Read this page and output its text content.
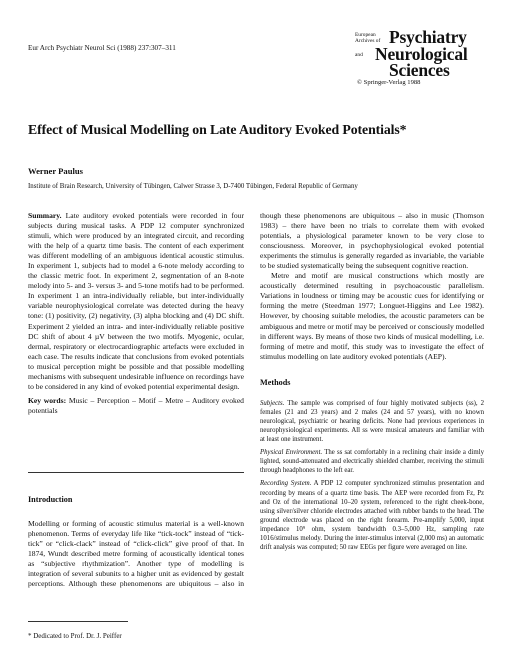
Eur Arch Psychiatr Neurol Sci (1988) 237:307–311
European
Archives of Psychiatry
and Neurological
Sciences
© Springer-Verlag 1988
Effect of Musical Modelling on Late Auditory Evoked Potentials*
Werner Paulus
Institute of Brain Research, University of Tübingen, Calwer Strasse 3, D-7400 Tübingen, Federal Republic of Germany

Summary. Late auditory evoked potentials were recorded in four subjects during musical tasks. A PDP 12 computer synchronized stimuli, which were produced by an integrated circuit, and recording with the help of a quartz time basis. The content of each experiment was different modelling of an ambiguous identical acoustic stimulus. In experiment 1, subjects had to model a 6-note melody according to the classic metric foot. In experiment 2, segmentation of an 8-note melody into 5- and 3- versus 3- and 5-tone motifs had to be performed. In experiment 1 an intra-individually reliable, but inter-individually variable neurophysiological correlate was detected during the heavy tone: (1) positivity, (2) negativity, (3) alpha blocking and (4) DC shift. Experiment 2 yielded an intra- and inter-individually reliable positive DC shift of about 4 µV between the two motifs. Myogenic, ocular, dermal, respiratory or electrocardiographic artefacts were excluded in each case. The results indicate that conclusions from evoked potentials to musical perception might be possible and that possible modelling mechanisms with subsequent undesirable influence on recordings have to be considered in any kind of evoked potential experimental design.

Key words: Music – Perception – Motif – Metre – Auditory evoked potentials

Introduction

Modelling or forming of acoustic stimulus material is a well-known phenomenon. Terms of everyday life like “tick-tock” instead of “tick-tick” or “click-clack” instead of “click-click” give proof of that. In 1874, Wundt described metre forming of acoustically identical tones as “subjective rhythmization”. Another type of modelling is integration of several subunits to a higher unit as evidenced by gestalt perceptions. Although these phenomenons are ubiquitous – also in

* Dedicated to Prof. Dr. J. Peiffer

though these phenomenons are ubiquitous – also in music (Thomson 1983) – there have been no trials to correlate them with evoked potentials, a physiological parameter known to be very close to consciousness. Moreover, in psychophysiological evoked potential experiments the stimulus is generally regarded as invariable, the variable to be studied systematically being the subsequent cognitive reaction.

Metre and motif are musical constructions which mostly are acoustically determined resulting in psychoacoustic parallelism. Variations in loudness or timing may be acoustic cues for identifying or forming the metre (Steedman 1977; Longuet-Higgins and Lee 1982). However, by choosing suitable melodies, the acoustic parameters can be ambiguous and metre or motif may be perceived or consciously modelled in different ways. By means of those two kinds of musical modelling, i.e. forming of metre and motif, this study was to investigate the effect of stimulus modelling on late auditory evoked potentials (AEP).

Methods

Subjects. The sample was comprised of four highly motivated subjects (ss), 2 females (21 and 23 years) and 2 males (24 and 57 years), with no known neurological, psychiatric or hearing deficits. None had previous experiences in neurophysiological experiments. All ss were musical amateurs and familiar with at least one instrument.

Physical Environment. The ss sat comfortably in a reclining chair inside a dimly lighted, sound-attenuated and electrically shielded chamber, receiving the stimuli through headphones to the left ear.

Recording System. A PDP 12 computer synchronized stimulus presentation and recording by means of a quartz time basis. The AEP were recorded from Fz, Pz and Oz of the international 10–20 system, referenced to the right cheek-bone, using silver/silver chloride electrodes attached with rubber bands to the head. The ground electrode was placed on the right forearm. Pre-amplify 5,000, input impedance 10⁹ ohm, system bandwidth 0.3–5,000 Hz, sampling rate 1016/stimulus melody. During the inter-stimulus interval (2,000 ms) an automatic drift analysis was computed; 50 raw EEGs per figure were averaged on line.
